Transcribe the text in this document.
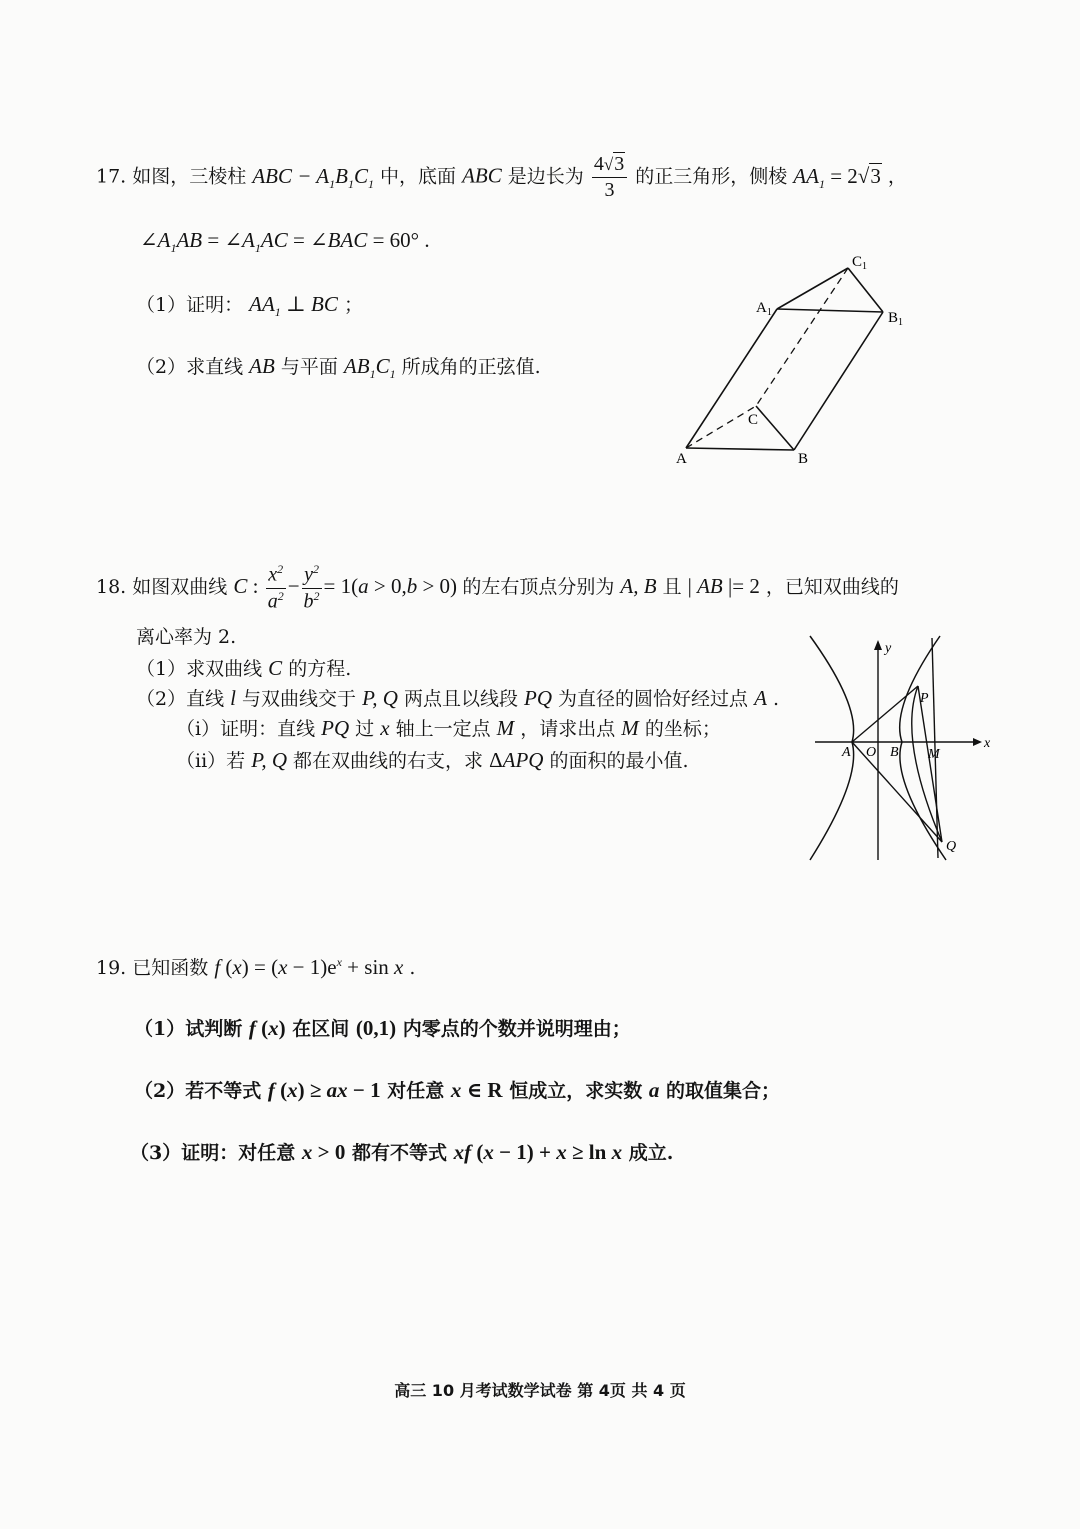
17. 如图，三棱柱 ABC − $A_1B_1C_1$ 中，底面 ABC 是边长为 $\frac{4√3}{3}$ 的正三角形，侧棱 $AA_1 = 2√3$ ，
$\angle A_1AB$ = $\angle A_1AC$ = ∠BAC = 60° .
（1）证明： $AA_1$ ⊥ BC ；
（2）求直线 AB 与平面 $AB_1C_1$ 所成角的正弦值.
$C_1$
$A_1$	$B_1$
C
A	B
18. 如图双曲线 C : $\frac{x^2}{a^2} - \frac{y^2}{b^2} = 1(a > 0,b > 0)$ 的左右顶点分别为 A, B 且 | AB |= 2 ，已知双曲线的
离心率为 2.
（1）求双曲线 C 的方程.
（2）直线 l 与双曲线交于 P, Q 两点且以线段 PQ 为直径的圆恰好经过点 A .
（i）证明：直线 PQ 过 x 轴上一定点 M ，请求出点 M 的坐标；
（ii）若 P, Q 都在双曲线的右支，求 ΔAPQ 的面积的最小值.
x
y
A O B M
P
Q
19. 已知函数 f $(x) = (x - 1)e^x + \sin x$ .
（1）试判断 f (x) 在区间 (0,1) 内零点的个数并说明理由；
（2）若不等式 f (x) ≥ ax − 1 对任意 x ∈ R 恒成立，求实数 a 的取值集合；
（3）证明：对任意 x > 0 都有不等式 xf (x − 1) + x ≥ ln x 成立.
高三 10 月考试数学试卷 第 4页 共 4 页
